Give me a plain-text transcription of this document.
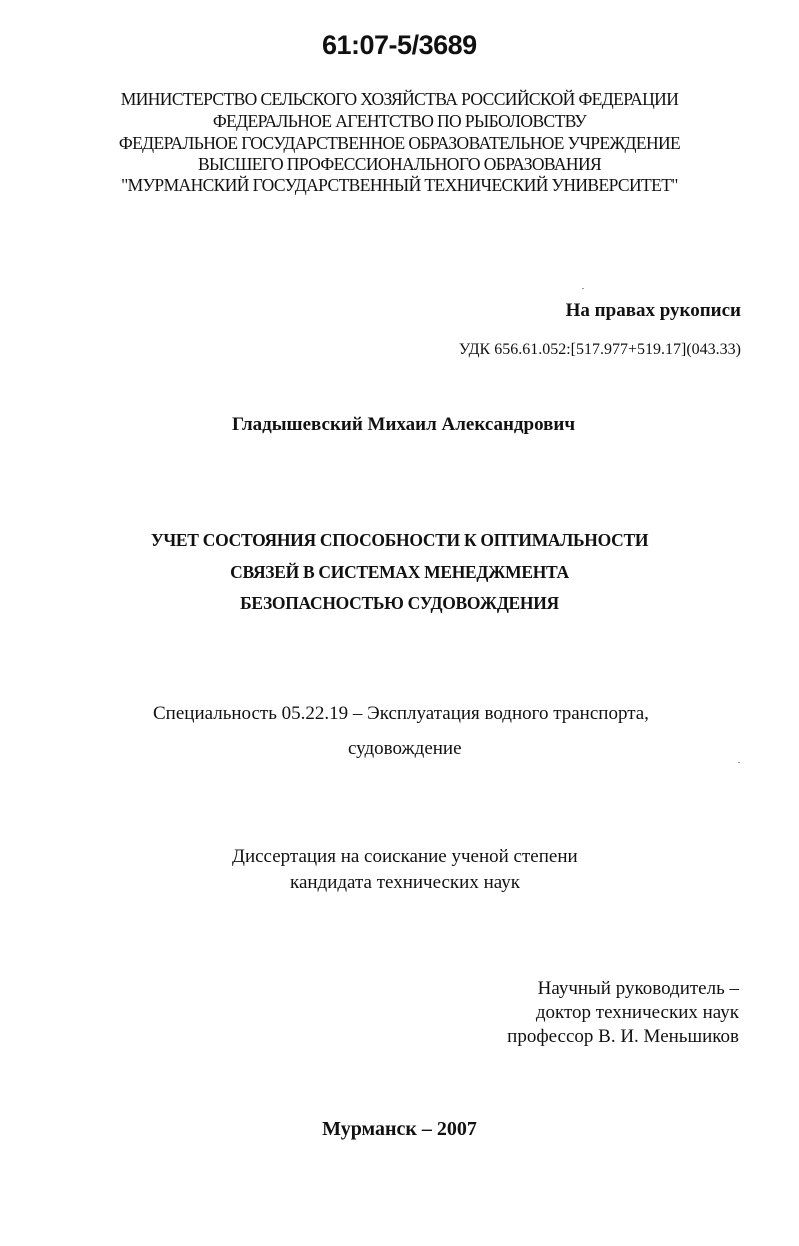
61:07-5/3689
МИНИСТЕРСТВО СЕЛЬСКОГО ХОЗЯЙСТВА РОССИЙСКОЙ ФЕДЕРАЦИИ
ФЕДЕРАЛЬНОЕ АГЕНТСТВО ПО РЫБОЛОВСТВУ
ФЕДЕРАЛЬНОЕ ГОСУДАРСТВЕННОЕ ОБРАЗОВАТЕЛЬНОЕ УЧРЕЖДЕНИЕ
ВЫСШЕГО ПРОФЕССИОНАЛЬНОГО ОБРАЗОВАНИЯ
"МУРМАНСКИЙ ГОСУДАРСТВЕННЫЙ ТЕХНИЧЕСКИЙ УНИВЕРСИТЕТ"
На правах рукописи
УДК 656.61.052:[517.977+519.17](043.33)
Гладышевский Михаил Александрович
УЧЕТ СОСТОЯНИЯ СПОСОБНОСТИ К ОПТИМАЛЬНОСТИ
СВЯЗЕЙ В СИСТЕМАХ МЕНЕДЖМЕНТА
БЕЗОПАСНОСТЬЮ СУДОВОЖДЕНИЯ
Специальность 05.22.19 – Эксплуатация водного транспорта,
судовождение
Диссертация на соискание ученой степени
кандидата технических наук
Научный руководитель –
доктор технических наук
профессор В. И. Меньшиков
Мурманск – 2007
